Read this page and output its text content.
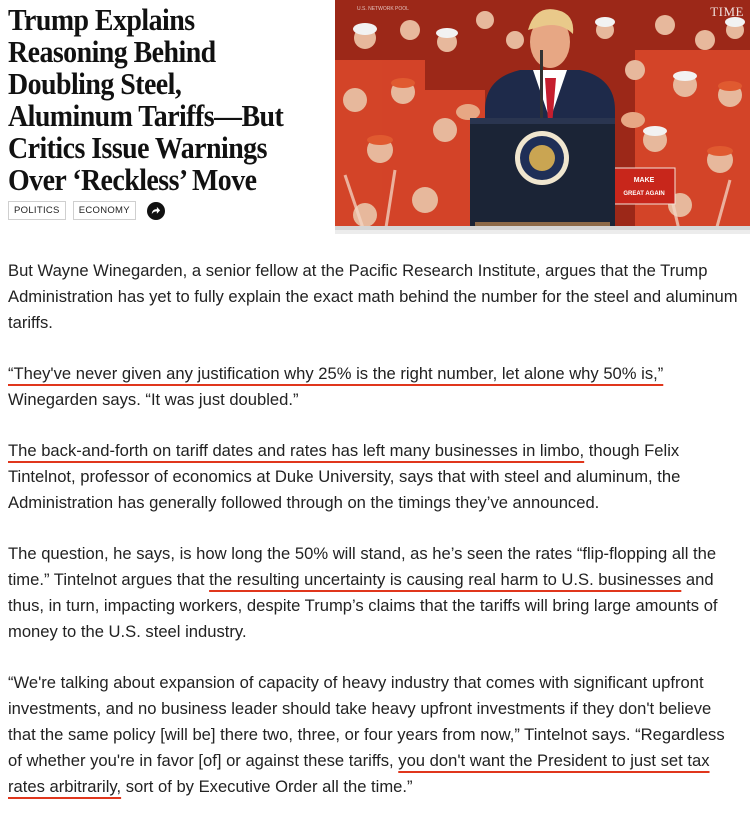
Trump Explains
Reasoning Behind
Doubling Steel,
Aluminum Tariffs—But
Critics Issue Warnings
Over ‘Reckless’ Move
POLITICS	ECONOMY
MAKE
GREAT AGAIN
TIME
U.S. NETWORK POOL

But Wayne Winegarden, a senior fellow at the Pacific Research Institute, argues that the Trump Administration has yet to fully explain the exact math behind the number for the steel and aluminum tariffs.

“They've never given any justification why 25% is the right number, let alone why 50% is,” Winegarden says. “It was just doubled.”

The back-and-forth on tariff dates and rates has left many businesses in limbo, though Felix Tintelnot, professor of economics at Duke University, says that with steel and aluminum, the Administration has generally followed through on the timings they’ve announced.

The question, he says, is how long the 50% will stand, as he’s seen the rates “flip-flopping all the time.” Tintelnot argues that the resulting uncertainty is causing real harm to U.S. businesses and thus, in turn, impacting workers, despite Trump’s claims that the tariffs will bring large amounts of money to the U.S. steel industry.

“We're talking about expansion of capacity of heavy industry that comes with significant upfront investments, and no business leader should take heavy upfront investments if they don't believe that the same policy [will be] there two, three, or four years from now,” Tintelnot says. “Regardless of whether you're in favor [of] or against these tariffs, you don't want the President to just set tax rates arbitrarily, sort of by Executive Order all the time.”
